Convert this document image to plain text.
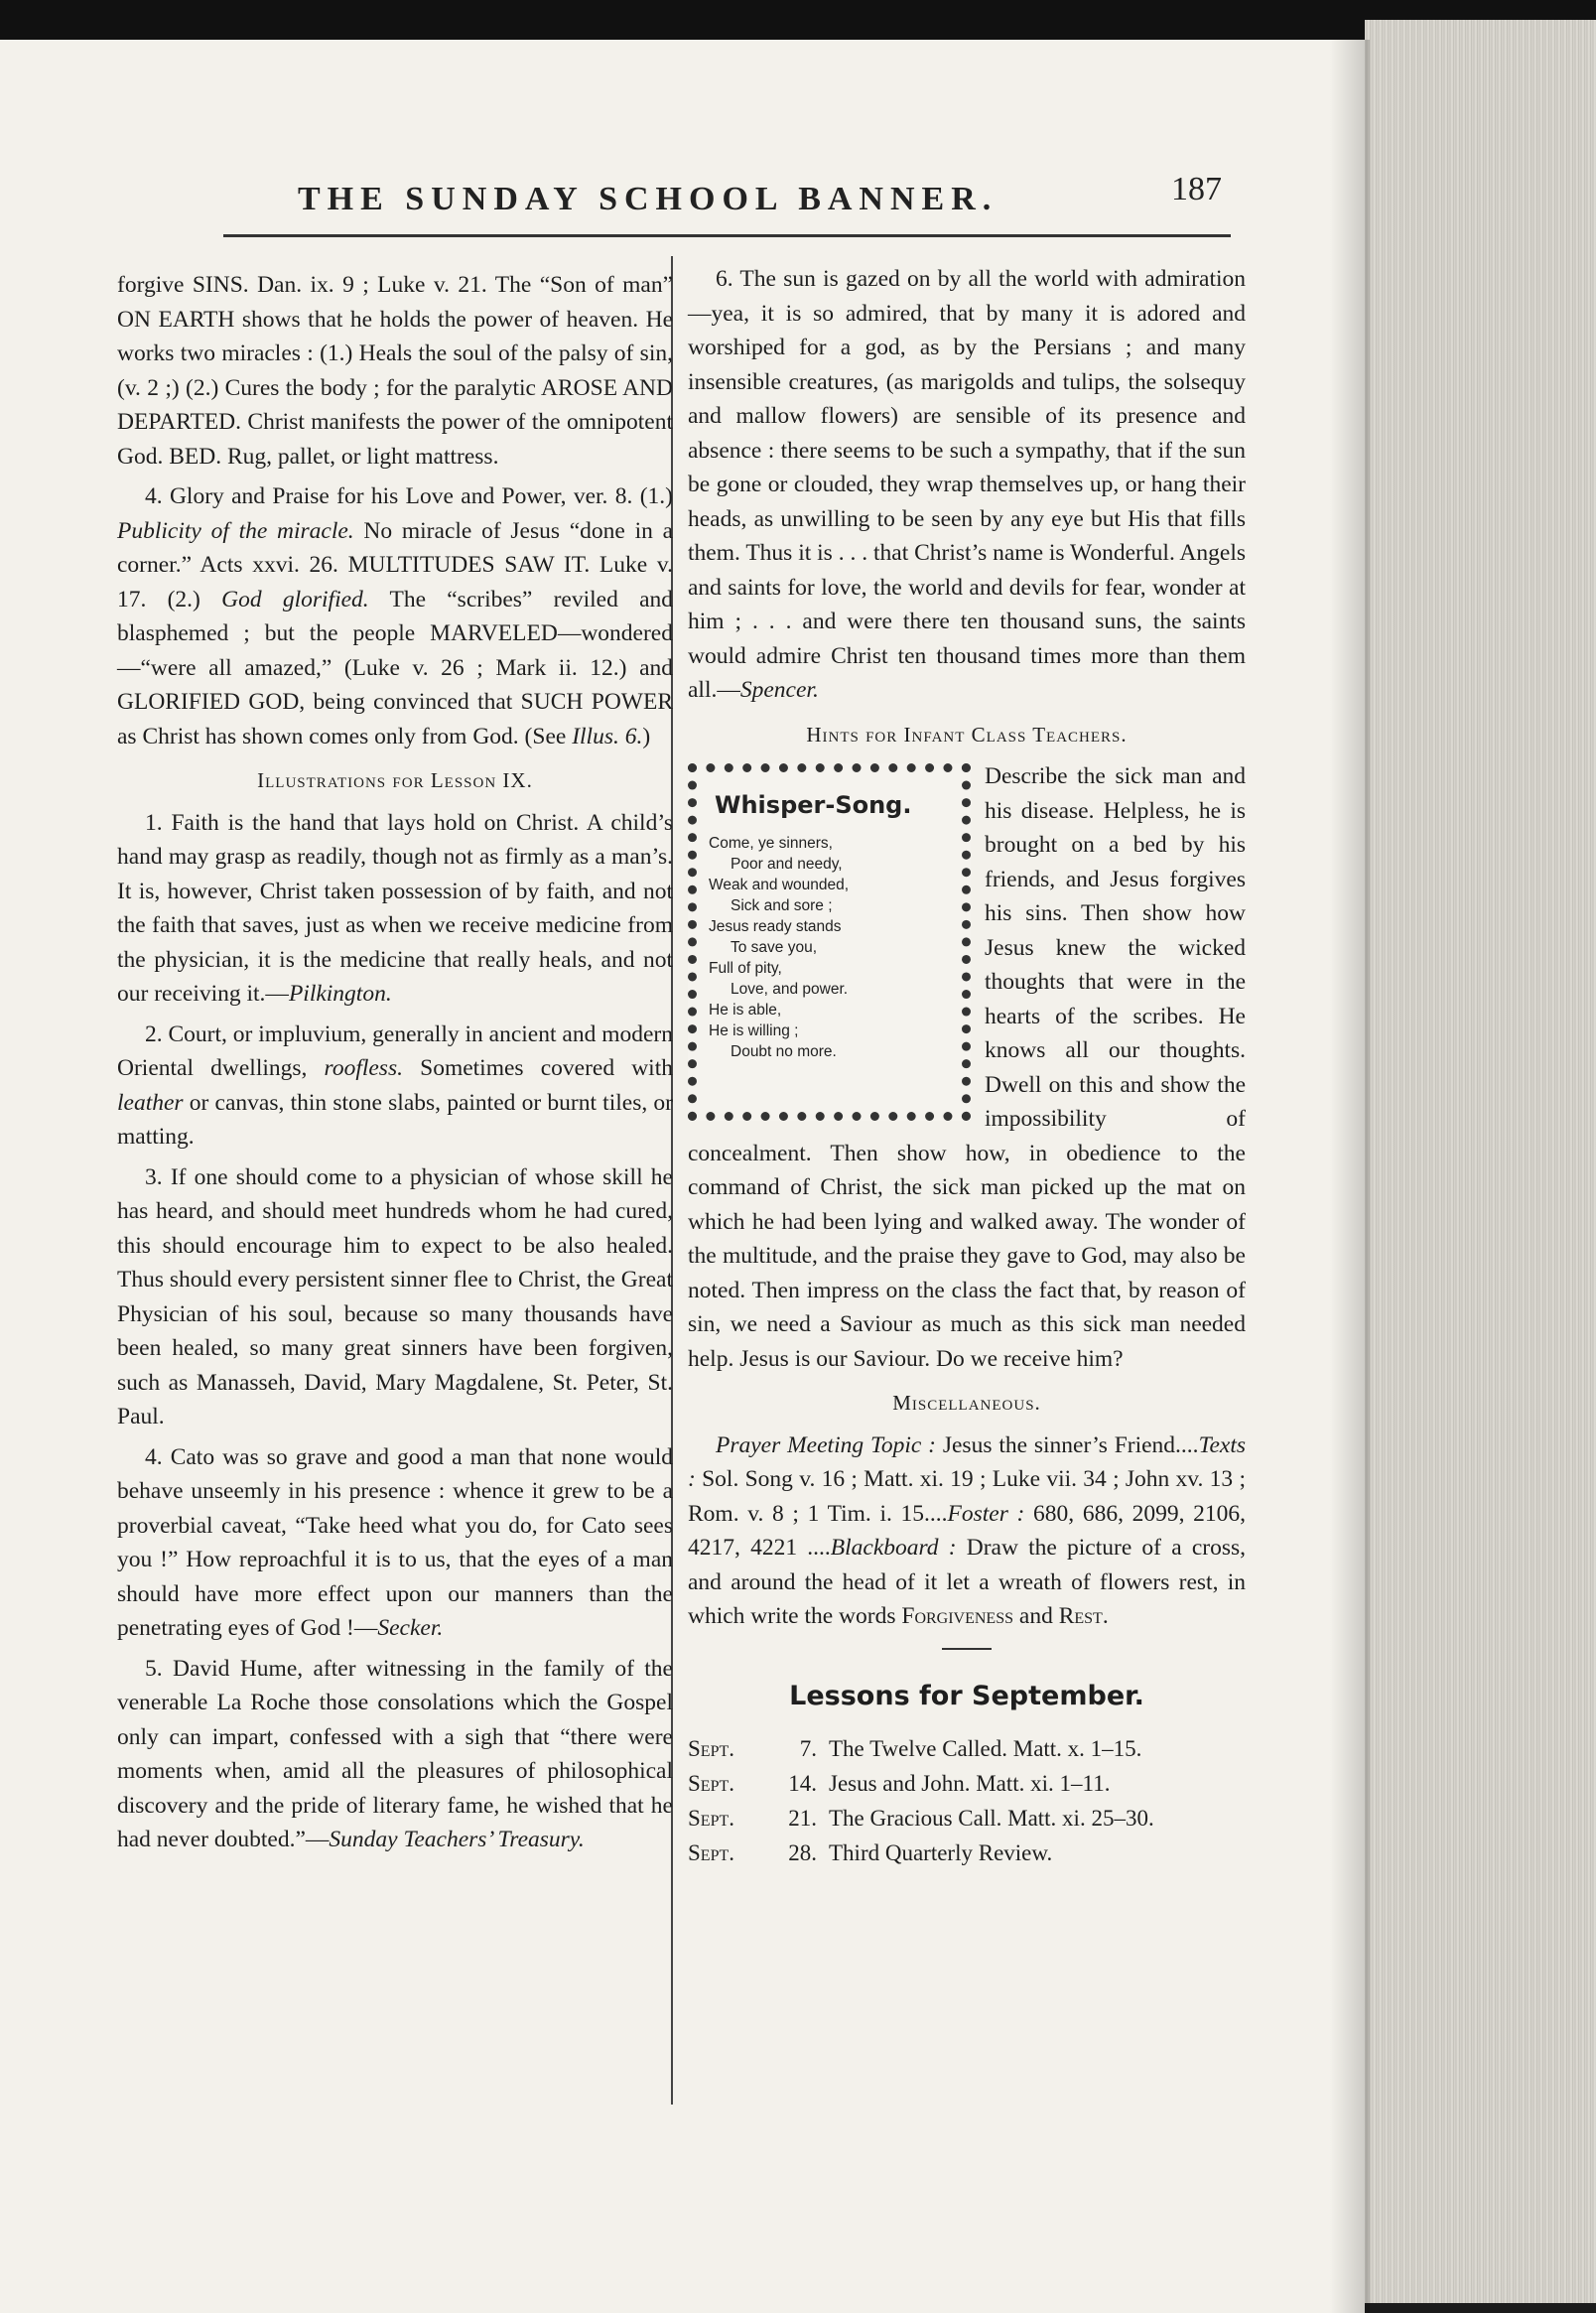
THE SUNDAY SCHOOL BANNER.	187

forgive SINS. Dan. ix. 9 ; Luke v. 21. The “Son of man” ON EARTH shows that he holds the power of heaven. He works two miracles : (1.) Heals the soul of the palsy of sin, (v. 2 ;) (2.) Cures the body ; for the paralytic AROSE AND DEPARTED. Christ manifests the power of the omnipotent God. BED. Rug, pallet, or light mattress.

4. Glory and Praise for his Love and Power, ver. 8. (1.) Publicity of the miracle. No miracle of Jesus “done in a corner.” Acts xxvi. 26. MULTITUDES SAW IT. Luke v. 17. (2.) God glorified. The “scribes” reviled and blasphemed ; but the people MARVELED—wondered —“were all amazed,” (Luke v. 26 ; Mark ii. 12.) and GLORIFIED GOD, being convinced that SUCH POWER as Christ has shown comes only from God. (See Illus. 6.)

Illustrations for Lesson IX.

1. Faith is the hand that lays hold on Christ. A child’s hand may grasp as readily, though not as firmly as a man’s. It is, however, Christ taken possession of by faith, and not the faith that saves, just as when we receive medicine from the physician, it is the medicine that really heals, and not our receiving it.—Pilkington.

2. Court, or impluvium, generally in ancient and modern Oriental dwellings, roofless. Sometimes covered with leather or canvas, thin stone slabs, painted or burnt tiles, or matting.

3. If one should come to a physician of whose skill he has heard, and should meet hundreds whom he had cured, this should encourage him to expect to be also healed. Thus should every persistent sinner flee to Christ, the Great Physician of his soul, because so many thousands have been healed, so many great sinners have been forgiven, such as Manasseh, David, Mary Magdalene, St. Peter, St. Paul.

4. Cato was so grave and good a man that none would behave unseemly in his presence : whence it grew to be a proverbial caveat, “Take heed what you do, for Cato sees you !” How reproachful it is to us, that the eyes of a man should have more effect upon our manners than the penetrating eyes of God !—Secker.

5. David Hume, after witnessing in the family of the venerable La Roche those consolations which the Gospel only can impart, confessed with a sigh that “there were moments when, amid all the pleasures of philosophical discovery and the pride of literary fame, he wished that he had never doubted.”—Sunday Teachers’ Treasury.

6. The sun is gazed on by all the world with admiration—yea, it is so admired, that by many it is adored and worshiped for a god, as by the Persians ; and many insensible creatures, (as marigolds and tulips, the solsequy and mallow flowers) are sensible of its presence and absence : there seems to be such a sympathy, that if the sun be gone or clouded, they wrap themselves up, or hang their heads, as unwilling to be seen by any eye but His that fills them. Thus it is . . . that Christ’s name is Wonderful. Angels and saints for love, the world and devils for fear, wonder at him ; . . . and were there ten thousand suns, the saints would admire Christ ten thousand times more than them all.—Spencer.

Hints for Infant Class Teachers.
Whisper-Song.
Come, ye sinners,
Poor and needy,
Weak and wounded,
Sick and sore ;
Jesus ready stands
To save you,
Full of pity,
Love, and power.
He is able,
He is willing ;
Doubt no more.

Describe the sick man and his disease. Helpless, he is brought on a bed by his friends, and Jesus forgives his sins. Then show how Jesus knew the wicked thoughts that were in the hearts of the scribes. He knows all our thoughts. Dwell on this and show the impossibility of concealment. Then show how, in obedience to the command of Christ, the sick man picked up the mat on which he had been lying and walked away. The wonder of the multitude, and the praise they gave to God, may also be noted. Then impress on the class the fact that, by reason of sin, we need a Saviour as much as this sick man needed help. Jesus is our Saviour. Do we receive him?

Miscellaneous.

Prayer Meeting Topic : Jesus the sinner’s Friend....Texts : Sol. Song v. 16 ; Matt. xi. 19 ; Luke vii. 34 ; John xv. 13 ; Rom. v. 8 ; 1 Tim. i. 15....Foster : 680, 686, 2099, 2106, 4217, 4221 ....Blackboard : Draw the picture of a cross, and around the head of it let a wreath of flowers rest, in which write the words Forgiveness and Rest.

Lessons for September.
Sept.	7. The Twelve Called. Matt. x. 1–15.
Sept.	14. Jesus and John. Matt. xi. 1–11.
Sept.	21. The Gracious Call. Matt. xi. 25–30.
Sept.	28. Third Quarterly Review.
